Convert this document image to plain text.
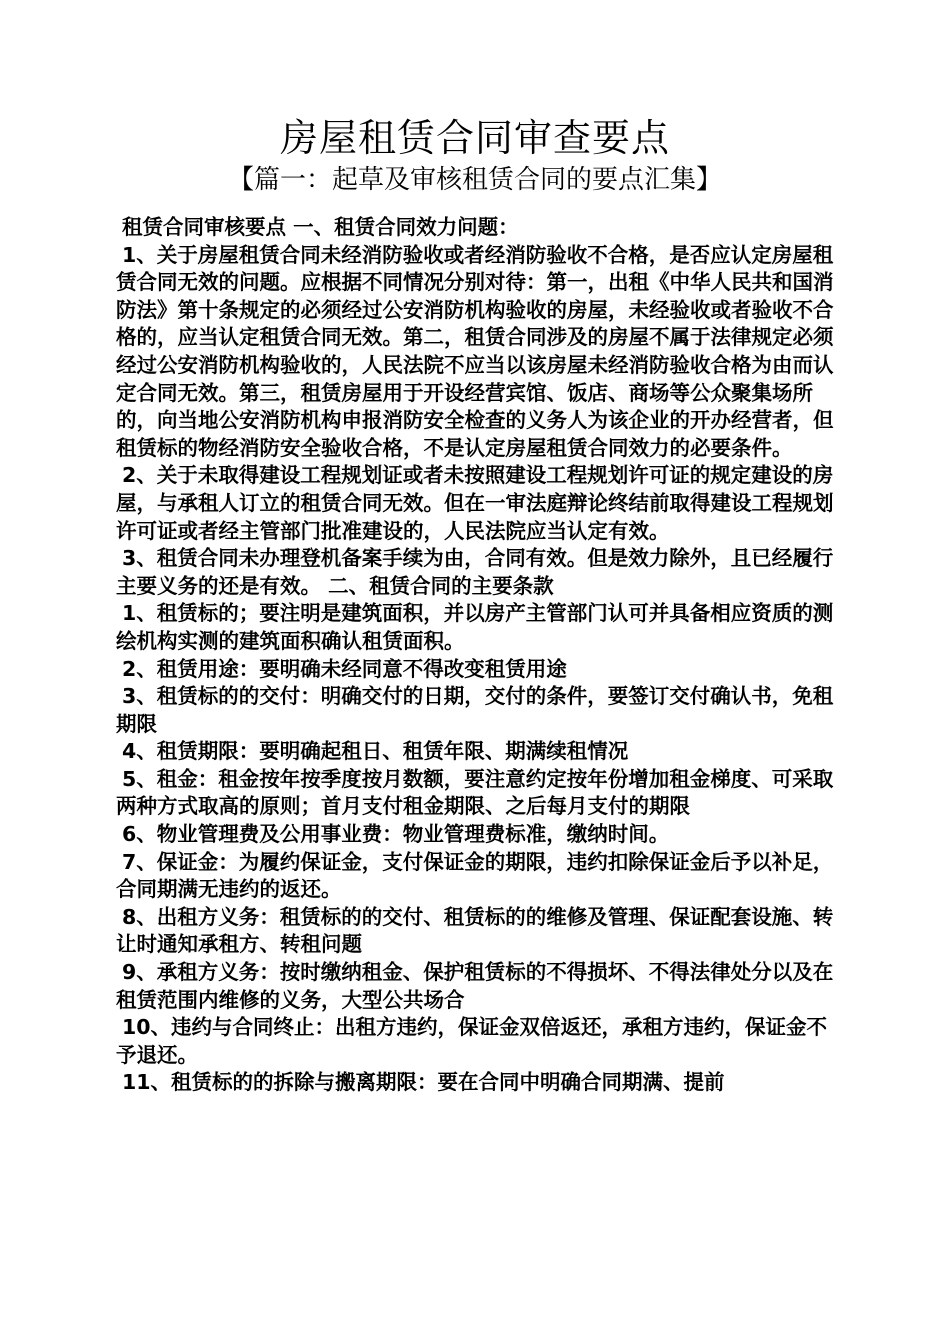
房屋租赁合同审查要点
【篇一：起草及审核租赁合同的要点汇集】

租赁合同审核要点 一、租赁合同效力问题：

1、关于房屋租赁合同未经消防验收或者经消防验收不合格，是否应认定房屋租赁合同无效的问题。应根据不同情况分别对待：第一，出租《中华人民共和国消防法》第十条规定的必须经过公安消防机构验收的房屋，未经验收或者验收不合格的，应当认定租赁合同无效。第二，租赁合同涉及的房屋不属于法律规定必须经过公安消防机构验收的，人民法院不应当以该房屋未经消防验收合格为由而认定合同无效。第三，租赁房屋用于开设经营宾馆、饭店、商场等公众聚集场所的，向当地公安消防机构申报消防安全检查的义务人为该企业的开办经营者，但租赁标的物经消防安全验收合格，不是认定房屋租赁合同效力的必要条件。

2、关于未取得建设工程规划证或者未按照建设工程规划许可证的规定建设的房屋，与承租人订立的租赁合同无效。但在一审法庭辩论终结前取得建设工程规划许可证或者经主管部门批准建设的，人民法院应当认定有效。

3、租赁合同未办理登机备案手续为由，合同有效。但是效力除外，且已经履行主要义务的还是有效。 二、租赁合同的主要条款

1、租赁标的；要注明是建筑面积，并以房产主管部门认可并具备相应资质的测绘机构实测的建筑面积确认租赁面积。

2、租赁用途：要明确未经同意不得改变租赁用途

3、租赁标的的交付：明确交付的日期，交付的条件，要签订交付确认书，免租期限

4、租赁期限：要明确起租日、租赁年限、期满续租情况

5、租金：租金按年按季度按月数额，要注意约定按年份增加租金梯度、可采取两种方式取高的原则；首月支付租金期限、之后每月支付的期限

6、物业管理费及公用事业费：物业管理费标准，缴纳时间。

7、保证金：为履约保证金，支付保证金的期限，违约扣除保证金后予以补足，合同期满无违约的返还。

8、出租方义务：租赁标的的交付、租赁标的的维修及管理、保证配套设施、转让时通知承租方、转租问题

9、承租方义务：按时缴纳租金、保护租赁标的不得损坏、不得法律处分以及在租赁范围内维修的义务，大型公共场合

10、违约与合同终止：出租方违约，保证金双倍返还，承租方违约，保证金不予退还。

11、租赁标的的拆除与搬离期限：要在合同中明确合同期满、提前
